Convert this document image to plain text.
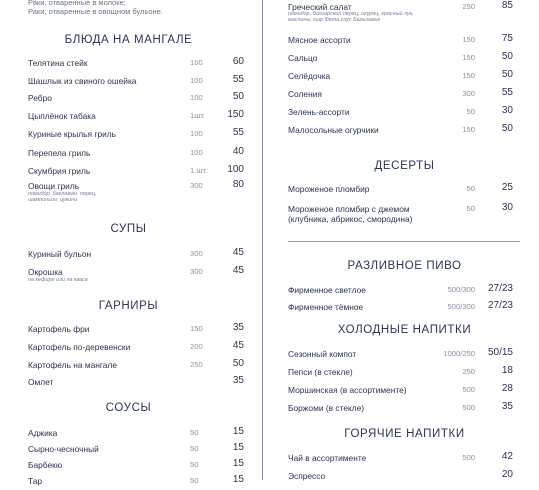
Раки, отваренные в молоке;
Раки, отваренные в овощном бульоне.
БЛЮДА НА МАНГАЛЕ
Телятина стейк	100	60
Шашлык из свиного ошейка	100	55
Ребро	100	50
Цыплёнок табака	1шт. 150
Куриные крылья гриль	100	55
Перепела гриль	100	40
Скумбрия гриль	1 шт. 100
Овощи гриль
помидор, баклажан, перец, шампиньон, цукини
300	80
СУПЫ
Куриный бульон	300	45
Окрошка
на кефире или на квасе
300	45
ГАРНИРЫ
Картофель фри	150	35
Картофель по-деревенски	200	45
Картофель на мангале	250	50
Омлет	35
СОУСЫ
Аджика	50	15
Сырно-чесночный	50	15
Барбекю	50	15
Тар	50	15
Греческий салат
помидор, болгарский перец, огурец, красный лук, маслины, сыр Фета,соус Бальзамик
250	85
Мясное ассорти	150	75
Сальцо	150	50
Селёдочка	150	50
Соления	300	55
Зелень-ассорти	50	30
Малосольные огурчики	150	50
ДЕСЕРТЫ
Мороженое пломбир	50	25
Мороженое пломбир с джемом
(клубника, абрикос, смородина)
50	30
РАЗЛИВНОЕ ПИВО
Фирменное светлое	500/300 27/23
Фирменное тёмное	500/300 27/23
ХОЛОДНЫЕ НАПИТКИ
Сезонный компот	1000/250 50/15
Пепси (в стекле)	250	18
Моршинская (в ассортименте)	500	28
Боржоми (в стекле)	500	35
ГОРЯЧИЕ НАПИТКИ
Чай в ассортименте	500	42
Эспрессо	20
